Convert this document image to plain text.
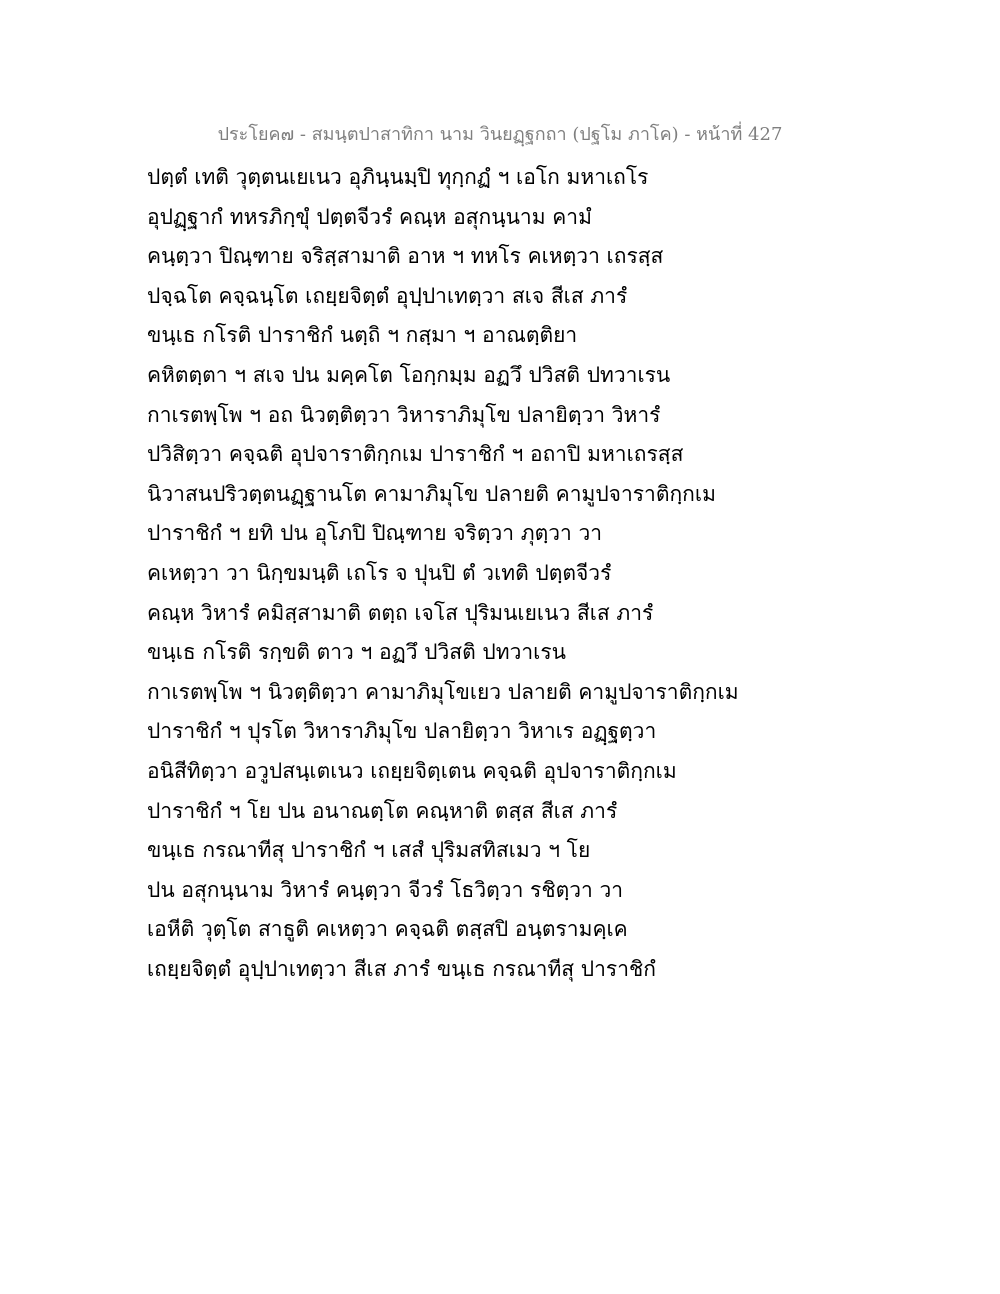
ประโยค๗ - สมนฺตปาสาทิกา นาม วินยฏฺฐกถา (ปฐโม ภาโค) - หน้าที่ 427
ปตฺตํ เทติ วุตฺตนเยเนว อุภินฺนมฺปิ ทุกฺกฏํ ฯ เอโก มหาเถโร
อุปฏฺฐากํ ทหรภิกฺขุํ ปตฺตจีวรํ คณฺห อสุกนฺนาม คามํ
คนฺตฺวา ปิณฺฑาย จริสฺสามาติ อาห ฯ ทหโร คเหตฺวา เถรสฺส
ปจฺฉโต คจฺฉนฺโต เถยฺยจิตฺตํ อุปฺปาเทตฺวา สเจ สีเส ภารํ
ขนฺเธ กโรติ ปาราชิกํ นตฺถิ ฯ กสฺมา ฯ อาณตฺติยา
คหิตตฺตา ฯ สเจ ปน มคฺคโต โอกฺกมฺม อฏวึ ปวิสติ ปทวาเรน
กาเรตพฺโพ ฯ อถ นิวตฺติตฺวา วิหาราภิมุโข ปลายิตฺวา วิหารํ
ปวิสิตฺวา คจฺฉติ อุปจาราติกฺกเม ปาราชิกํ ฯ อถาปิ มหาเถรสฺส
นิวาสนปริวตฺตนฏฺฐานโต คามาภิมุโข ปลายติ คามูปจาราติกฺกเม
ปาราชิกํ ฯ ยทิ ปน อุโภปิ ปิณฺฑาย จริตฺวา ภุตฺวา วา
คเหตฺวา วา นิกฺขมนฺติ เถโร จ ปุนปิ ตํ วเทติ ปตฺตจีวรํ
คณฺห วิหารํ คมิสฺสามาติ ตตฺถ เจโส ปุริมนเยเนว สีเส ภารํ
ขนฺเธ กโรติ รกฺขติ ตาว ฯ อฏวึ ปวิสติ ปทวาเรน
กาเรตพฺโพ ฯ นิวตฺติตฺวา คามาภิมุโขเยว ปลายติ คามูปจาราติกฺกเม
ปาราชิกํ ฯ ปุรโต วิหาราภิมุโข ปลายิตฺวา วิหาเร อฏฺฐตฺวา
อนิสีทิตฺวา อวูปสนฺเตเนว เถยฺยจิตฺเตน คจฺฉติ อุปจาราติกฺกเม
ปาราชิกํ ฯ โย ปน อนาณตฺโต คณฺหาติ ตสฺส สีเส ภารํ
ขนฺเธ กรณาทีสุ ปาราชิกํ ฯ เสสํ ปุริมสทิสเมว ฯ โย
ปน อสุกนฺนาม วิหารํ คนฺตฺวา จีวรํ โธวิตฺวา รชิตฺวา วา
เอหีติ วุตฺโต สาธูติ คเหตฺวา คจฺฉติ ตสฺสปิ อนฺตรามคฺเค
เถยฺยจิตฺตํ อุปฺปาเทตฺวา สีเส ภารํ ขนฺเธ กรณาทีสุ ปาราชิกํ
